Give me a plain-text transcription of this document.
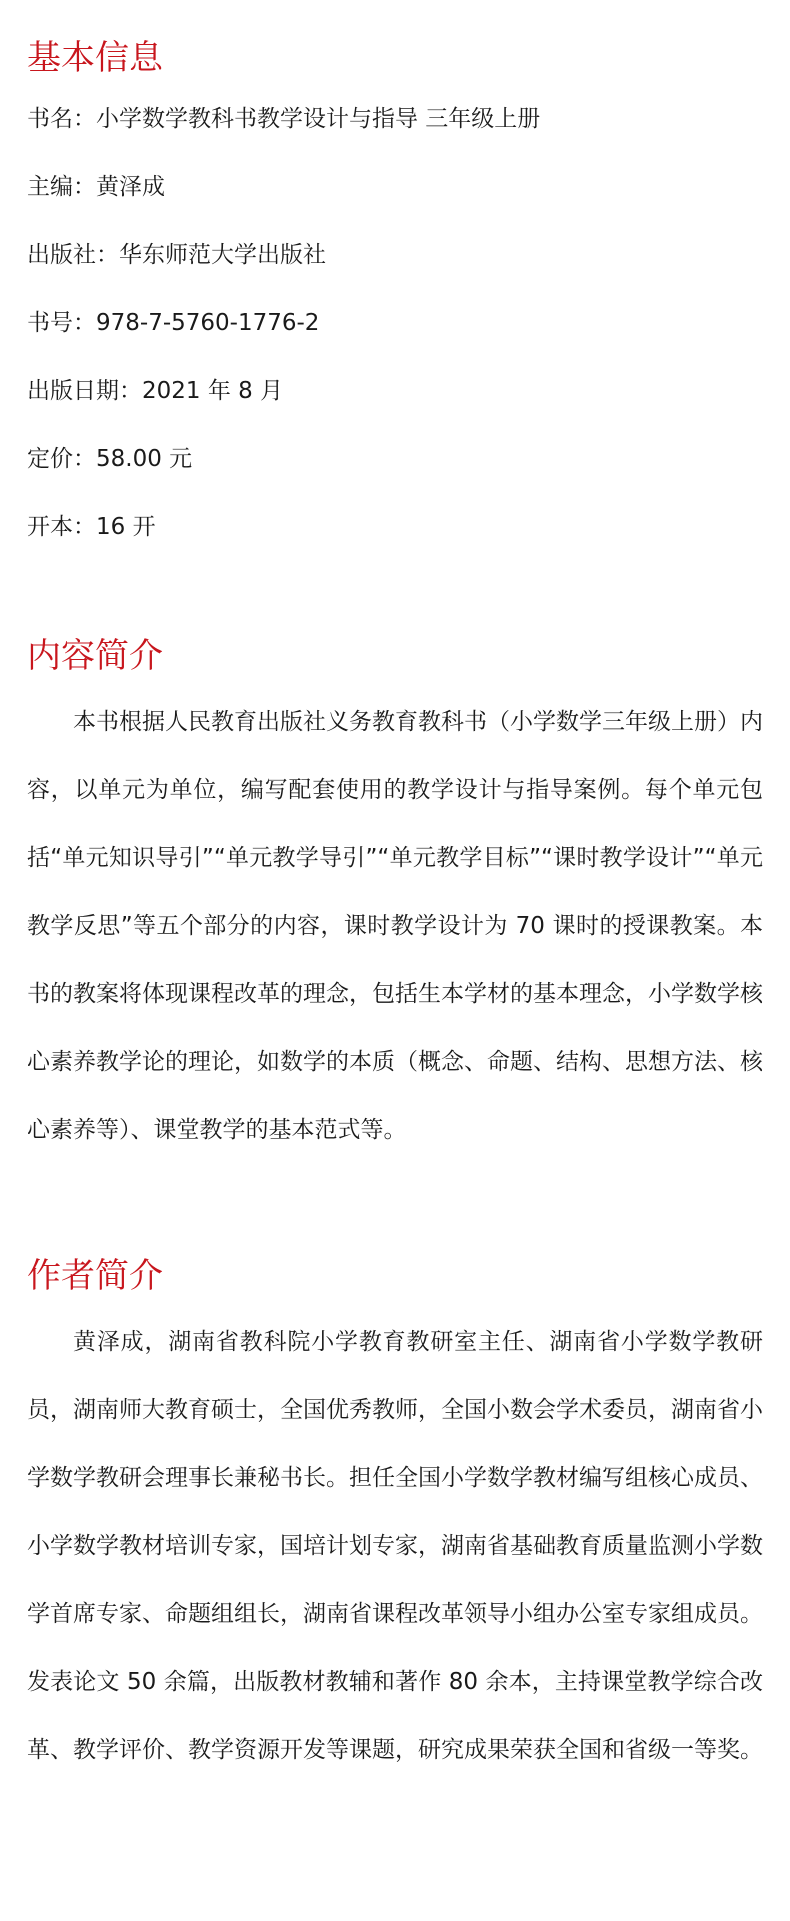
基本信息
书名：小学数学教科书教学设计与指导 三年级上册
主编：黄泽成
出版社：华东师范大学出版社
书号：978-7-5760-1776-2
出版日期：2021 年 8 月
定价：58.00 元
开本：16 开
内容简介

本书根据人民教育出版社义务教育教科书（小学数学三年级上册）内容，以单元为单位，编写配套使用的教学设计与指导案例。每个单元包括“单元知识导引”“单元教学导引”“单元教学目标”“课时教学设计”“单元教学反思”等五个部分的内容，课时教学设计为 70 课时的授课教案。本书的教案将体现课程改革的理念，包括生本学材的基本理念，小学数学核心素养教学论的理论，如数学的本质（概念、命题、结构、思想方法、核心素养等）、课堂教学的基本范式等。

作者简介

黄泽成，湖南省教科院小学教育教研室主任、湖南省小学数学教研员，湖南师大教育硕士，全国优秀教师，全国小数会学术委员，湖南省小学数学教研会理事长兼秘书长。担任全国小学数学教材编写组核心成员、小学数学教材培训专家，国培计划专家，湖南省基础教育质量监测小学数学首席专家、命题组组长，湖南省课程改革领导小组办公室专家组成员。发表论文 50 余篇，出版教材教辅和著作 80 余本，主持课堂教学综合改革、教学评价、教学资源开发等课题，研究成果荣获全国和省级一等奖。
